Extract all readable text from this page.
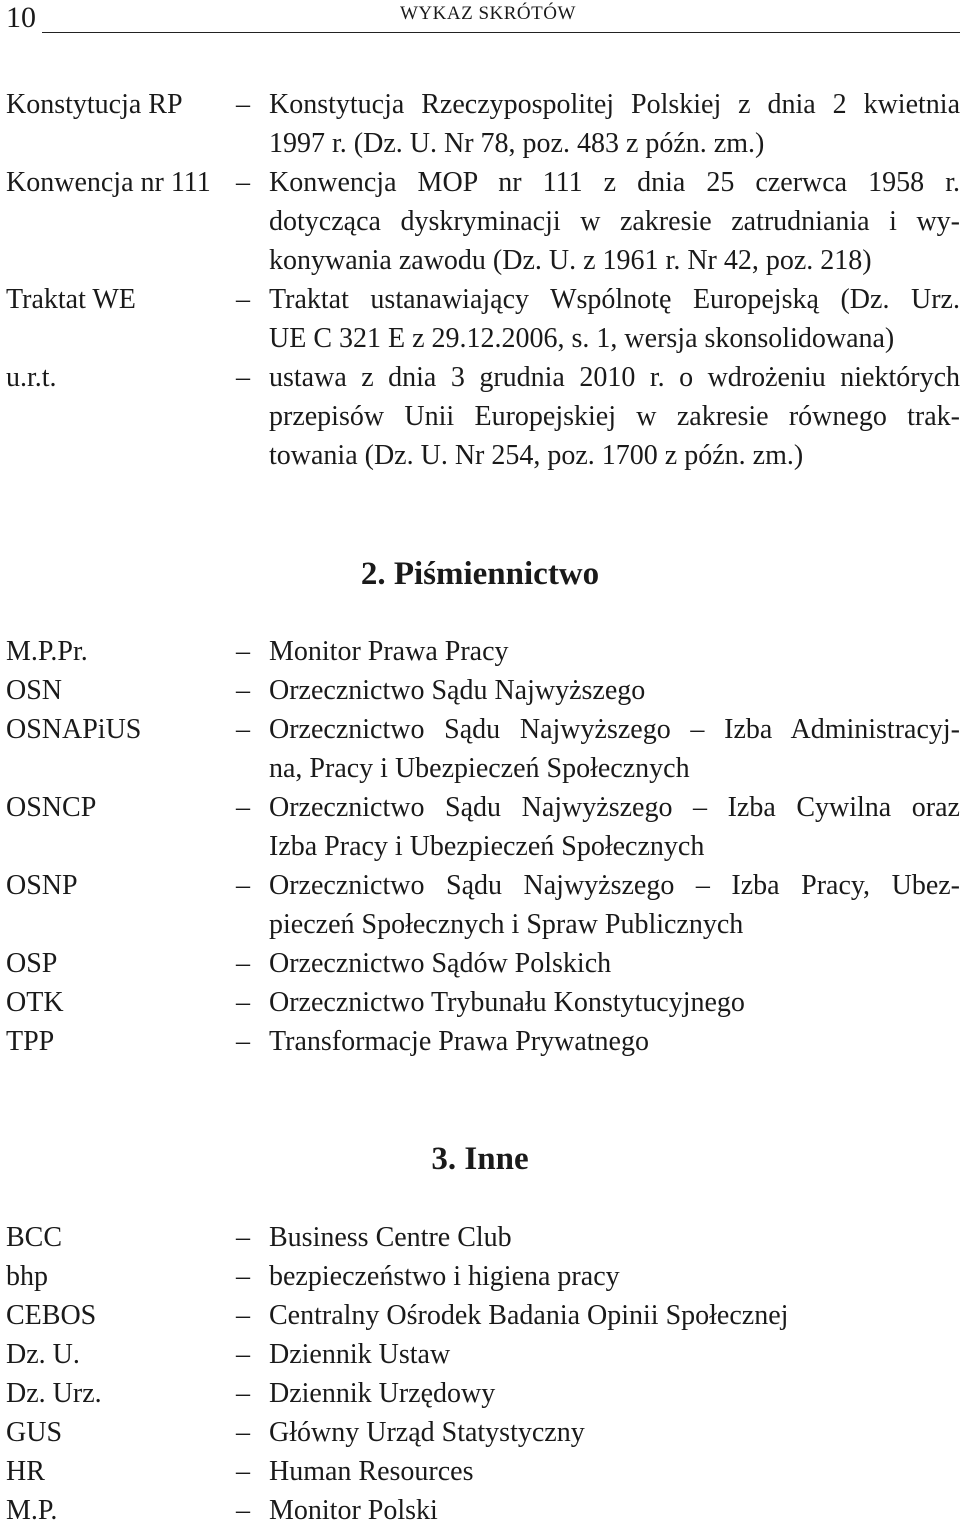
10	WYKAZ SKRÓTÓW
Konstytucja RP – Konstytucja Rzeczypospolitej Polskiej z dnia 2 kwietnia
1997 r. (Dz. U. Nr 78, poz. 483 z późn. zm.)
Konwencja nr 111 – Konwencja MOP nr 111 z dnia 25 czerwca 1958 r.
dotycząca dyskryminacji w zakresie zatrudniania i wy-
konywania zawodu (Dz. U. z 1961 r. Nr 42, poz. 218)
Traktat WE	– Traktat ustanawiający Wspólnotę Europejską (Dz. Urz.
UE C 321 E z 29.12.2006, s. 1, wersja skonsolidowana)
u.r.t.	– ustawa z dnia 3 grudnia 2010 r. o wdrożeniu niektórych
przepisów Unii Europejskiej w zakresie równego trak-
towania (Dz. U. Nr 254, poz. 1700 z późn. zm.)
2. Piśmiennictwo
M.P.Pr.	– Monitor Prawa Pracy
OSN	– Orzecznictwo Sądu Najwyższego
OSNAPiUS	– Orzecznictwo Sądu Najwyższego – Izba Administracyj-
na, Pracy i Ubezpieczeń Społecznych
OSNCP	– Orzecznictwo Sądu Najwyższego – Izba Cywilna oraz
Izba Pracy i Ubezpieczeń Społecznych
OSNP	– Orzecznictwo Sądu Najwyższego – Izba Pracy, Ubez-
pieczeń Społecznych i Spraw Publicznych
OSP	– Orzecznictwo Sądów Polskich
OTK	– Orzecznictwo Trybunału Konstytucyjnego
TPP	– Transformacje Prawa Prywatnego
3. Inne
BCC	– Business Centre Club
bhp	– bezpieczeństwo i higiena pracy
CEBOS	– Centralny Ośrodek Badania Opinii Społecznej
Dz. U.	– Dziennik Ustaw
Dz. Urz.	– Dziennik Urzędowy
GUS	– Główny Urząd Statystyczny
HR	– Human Resources
M.P.	– Monitor Polski
